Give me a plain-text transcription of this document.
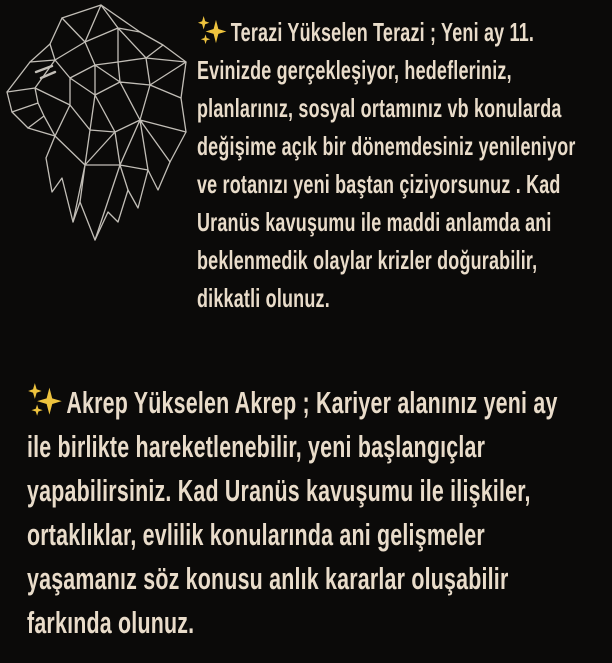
Terazi Yükselen Terazi ; Yeni ay 11.
Evinizde gerçekleşiyor, hedefleriniz,
planlarınız, sosyal ortamınız vb konularda
değişime açık bir dönemdesiniz yenileniyor
ve rotanızı yeni baştan çiziyorsunuz . Kad
Uranüs kavuşumu ile maddi anlamda ani
beklenmedik olaylar krizler doğurabilir,
dikkatli olunuz.
Akrep Yükselen Akrep ; Kariyer alanınız yeni ay
ile birlikte hareketlenebilir, yeni başlangıçlar
yapabilirsiniz. Kad Uranüs kavuşumu ile ilişkiler,
ortaklıklar, evlilik konularında ani gelişmeler
yaşamanız söz konusu anlık kararlar oluşabilir
farkında olunuz.
